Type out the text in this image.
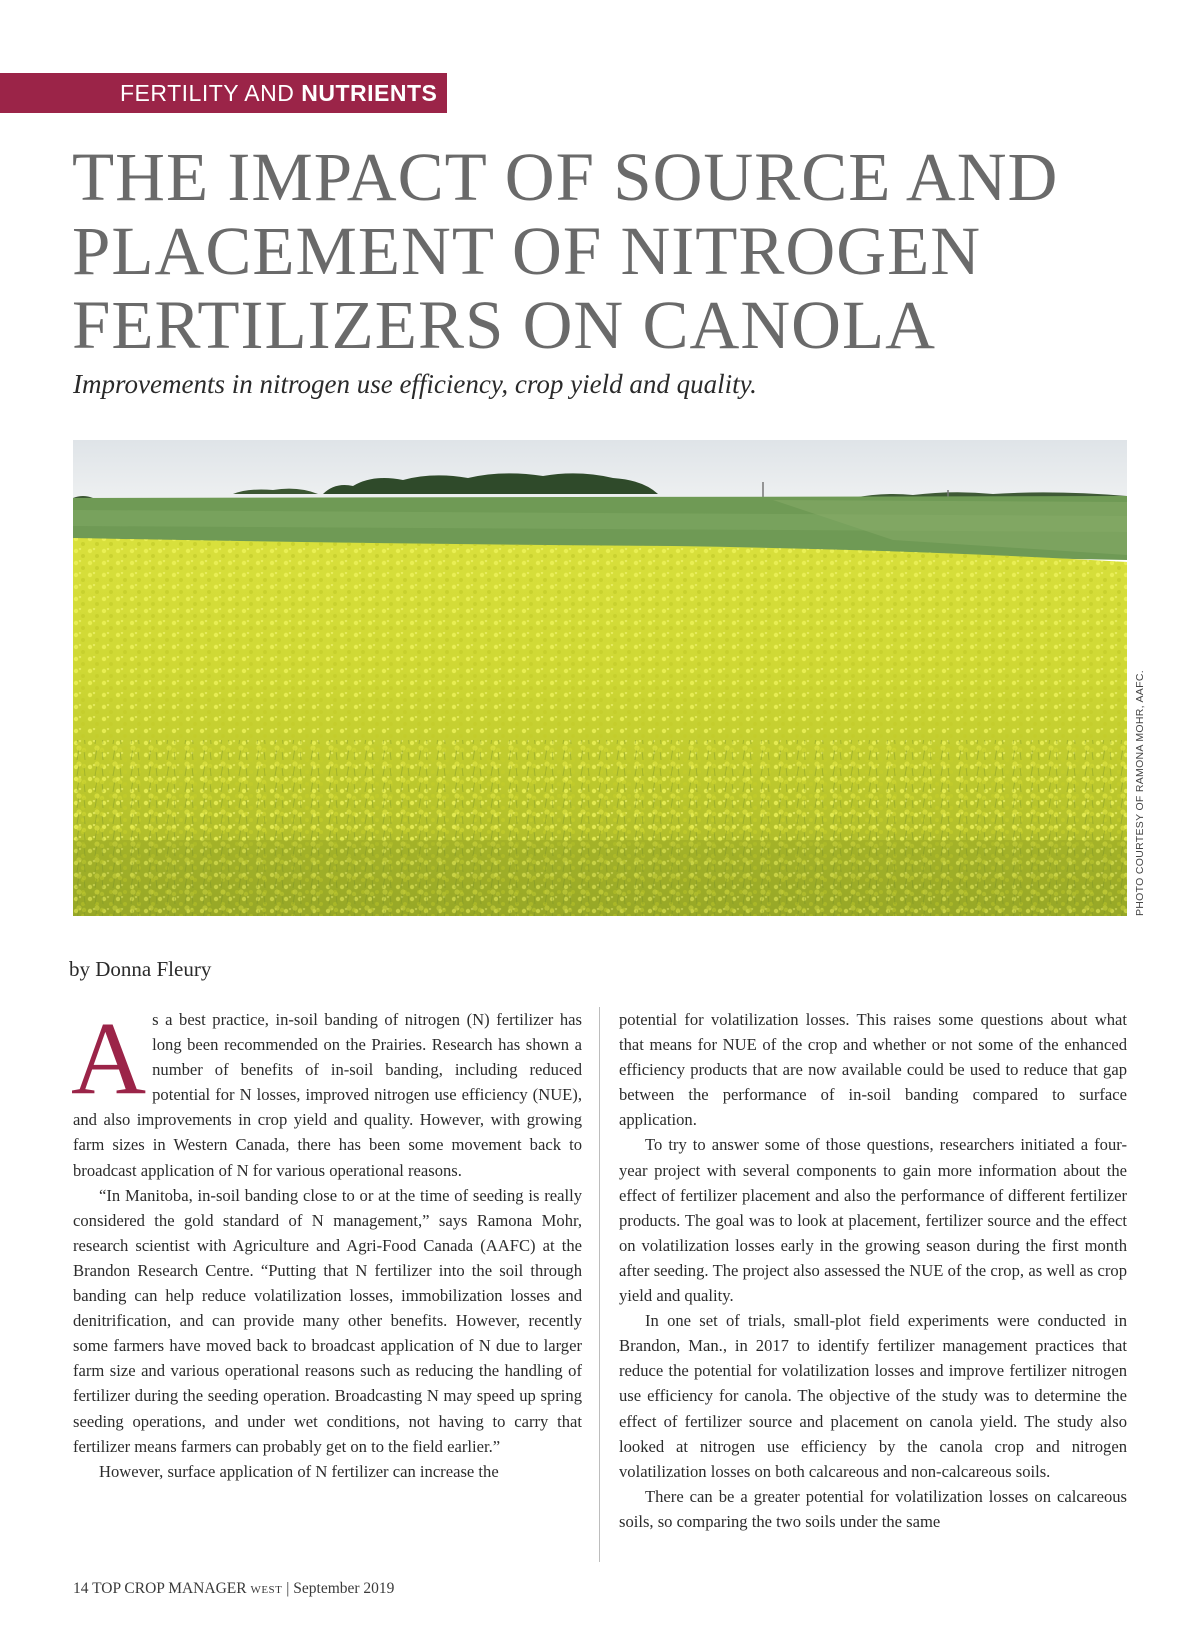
FERTILITY AND NUTRIENTS
THE IMPACT OF SOURCE AND PLACEMENT OF NITROGEN FERTILIZERS ON CANOLA

Improvements in nitrogen use efficiency, crop yield and quality.

PHOTO COURTESY OF RAMONA MOHR, AAFC.

by Donna Fleury

As a best practice, in-soil banding of nitrogen (N) fertilizer has long been recommended on the Prairies. Research has shown a number of benefits of in-soil banding, including reduced potential for N losses, improved nitrogen use efficiency (NUE), and also improvements in crop yield and quality. However, with growing farm sizes in Western Canada, there has been some movement back to broadcast application of N for various operational reasons.

“In Manitoba, in-soil banding close to or at the time of seeding is really considered the gold standard of N management,” says Ramona Mohr, research scientist with Agriculture and Agri-Food Canada (AAFC) at the Brandon Research Centre. “Putting that N fertilizer into the soil through banding can help reduce volatilization losses, immobilization losses and denitrification, and can provide many other benefits. However, recently some farmers have moved back to broadcast application of N due to larger farm size and various operational reasons such as reducing the handling of fertilizer during the seeding operation. Broadcasting N may speed up spring seeding operations, and under wet conditions, not having to carry that fertilizer means farmers can probably get on to the field earlier.”

However, surface application of N fertilizer can increase the

potential for volatilization losses. This raises some questions about what that means for NUE of the crop and whether or not some of the enhanced efficiency products that are now available could be used to reduce that gap between the performance of in-soil banding compared to surface application.

To try to answer some of those questions, researchers initiated a four-year project with several components to gain more information about the effect of fertilizer placement and also the performance of different fertilizer products. The goal was to look at placement, fertilizer source and the effect on volatilization losses early in the growing season during the first month after seeding. The project also assessed the NUE of the crop, as well as crop yield and quality.

In one set of trials, small-plot field experiments were conducted in Brandon, Man., in 2017 to identify fertilizer management practices that reduce the potential for volatilization losses and improve fertilizer nitrogen use efficiency for canola. The objective of the study was to determine the effect of fertilizer source and placement on canola yield. The study also looked at nitrogen use efficiency by the canola crop and nitrogen volatilization losses on both calcareous and non-calcareous soils.

There can be a greater potential for volatilization losses on calcareous soils, so comparing the two soils under the same

14 TOP CROP MANAGER WEST | September 2019
